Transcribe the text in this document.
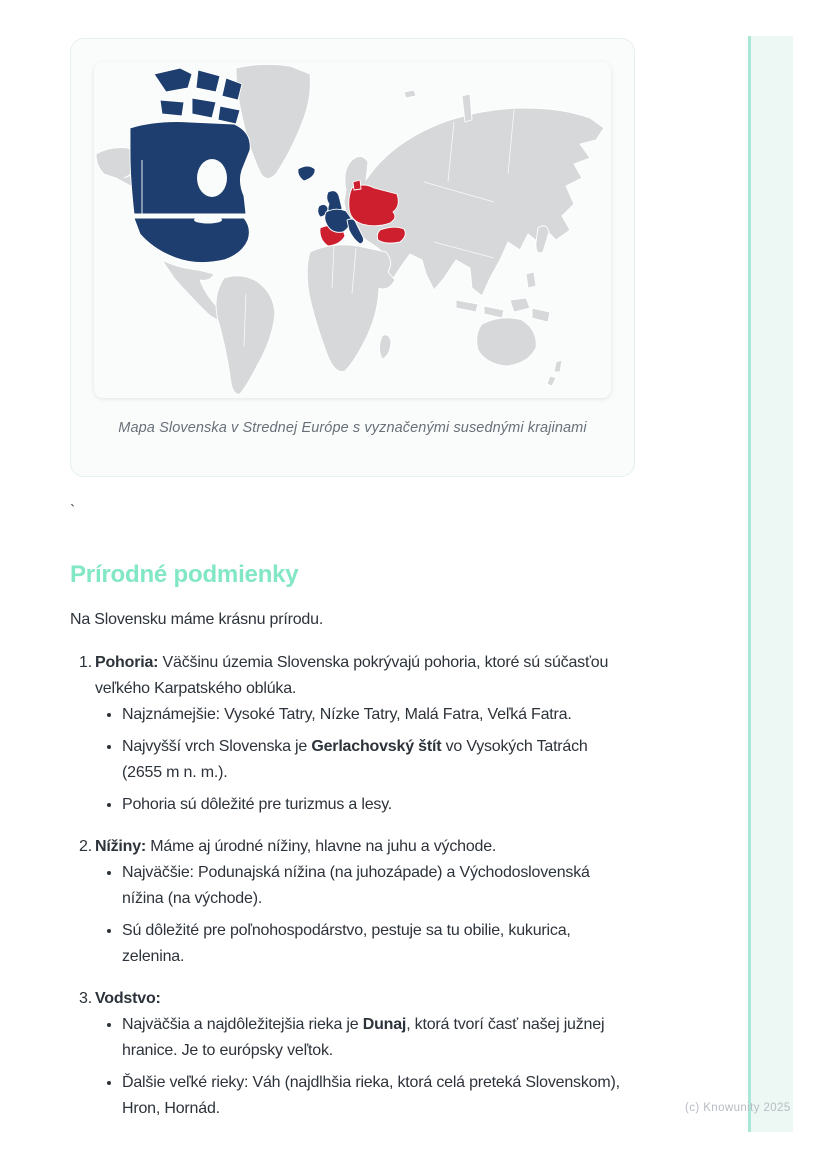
Mapa Slovenska v Strednej Európe s vyznačenými susednými krajinami
`
Prírodné podmienky

Na Slovensku máme krásnu prírodu.

1. Pohoria: Väčšinu územia Slovenska pokrývajú pohoria, ktoré sú súčasťou veľkého Karpatského oblúka.
• Najznámejšie: Vysoké Tatry, Nízke Tatry, Malá Fatra, Veľká Fatra.
• Najvyšší vrch Slovenska je Gerlachovský štít vo Vysokých Tatrách (2655 m n. m.).
• Pohoria sú dôležité pre turizmus a lesy.
2. Nížiny: Máme aj úrodné nížiny, hlavne na juhu a východe.
• Najväčšie: Podunajská nížina (na juhozápade) a Východoslovenská nížina (na východe).
• Sú dôležité pre poľnohospodárstvo, pestuje sa tu obilie, kukurica, zelenina.
3. Vodstvo:
• Najväčšia a najdôležitejšia rieka je Dunaj, ktorá tvorí časť našej južnej hranice. Je to európsky veľtok.
• Ďalšie veľké rieky: Váh (najdlhšia rieka, ktorá celá preteká Slovenskom), Hron, Hornád.	(c) Knowunity 2025
